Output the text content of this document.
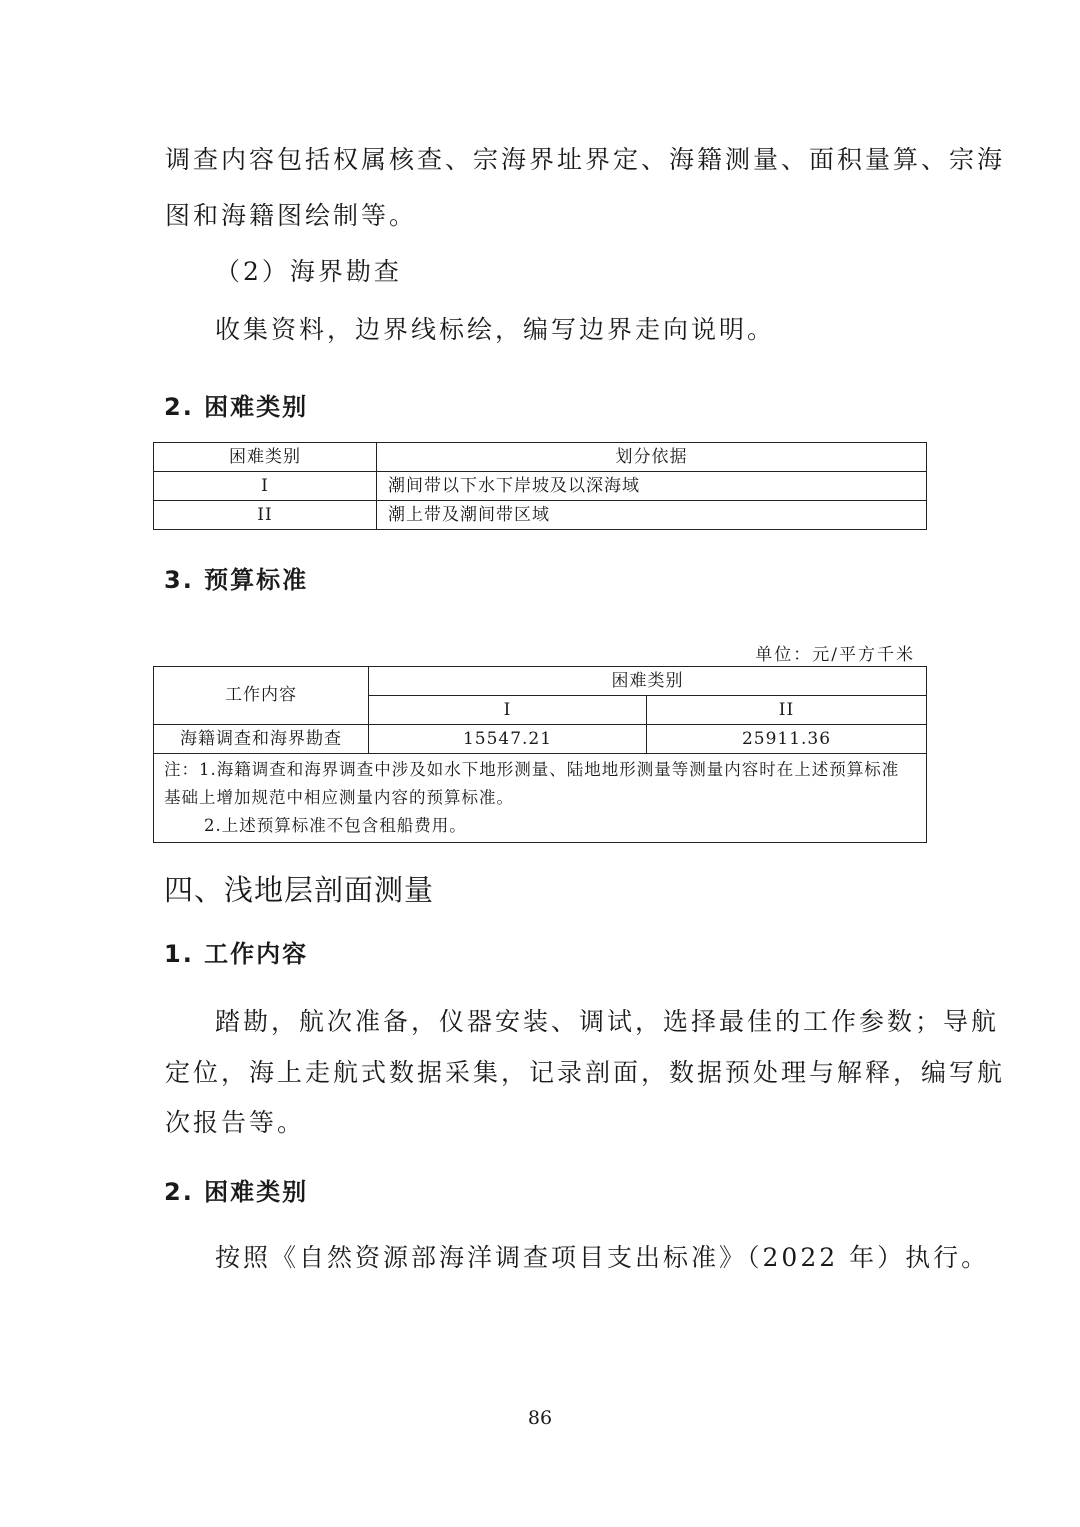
调查内容包括权属核查、宗海界址界定、海籍测量、面积量算、宗海
图和海籍图绘制等。
（2）海界勘查
收集资料，边界线标绘，编写边界走向说明。
2. 困难类别
困难类别	划分依据
I	潮间带以下水下岸坡及以深海域
II	潮上带及潮间带区域
3. 预算标准
单位：元/平方千米
工作内容	困难类别	
	I	II
海籍调查和海界勘查	15547.21	25911.36

注：1.海籍调查和海界调查中涉及如水下地形测量、陆地地形测量等测量内容时在上述预算标准基础上增加规范中相应测量内容的预算标准。
2.上述预算标准不包含租船费用。		
四、浅地层剖面测量
1. 工作内容
踏勘，航次准备，仪器安装、调试，选择最佳的工作参数；导航
定位，海上走航式数据采集，记录剖面，数据预处理与解释，编写航
次报告等。
2. 困难类别
按照《自然资源部海洋调查项目支出标准》（2022 年）执行。
86
